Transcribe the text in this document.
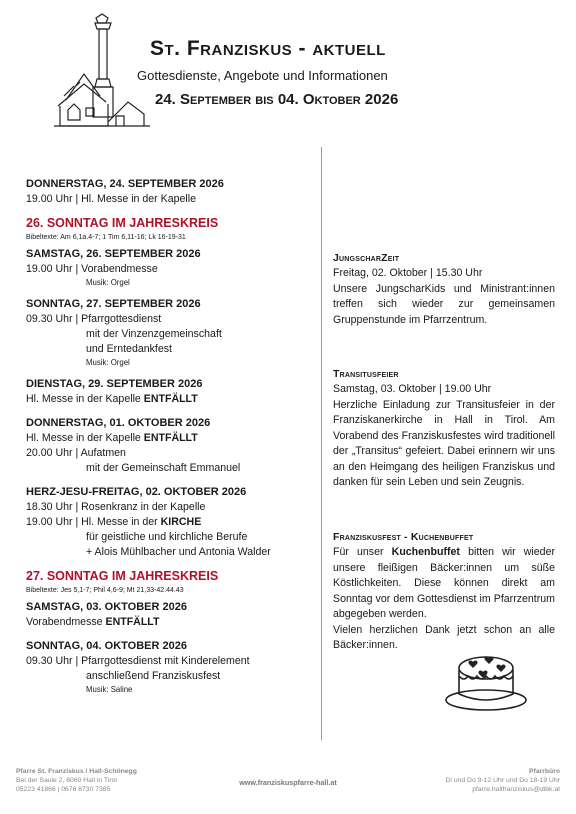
St. Franziskus - aktuell
Gottesdienste, Angebote und Informationen
24. September bis 04. Oktober 2026
DONNERSTAG, 24. SEPTEMBER 2026
19.00 Uhr | Hl. Messe in der Kapelle
26. SONNTAG IM JAHRESKREIS
Bibeltexte: Am 6,1a.4-7; 1 Tim 6,11-16; Lk 16-19-31
SAMSTAG, 26. SEPTEMBER 2026
19.00 Uhr | Vorabendmesse
Musik: Orgel
SONNTAG, 27. SEPTEMBER 2026
09.30 Uhr | Pfarrgottesdienst
mit der Vinzenzgemeinschaft
und Erntedankfest
Musik: Orgel
DIENSTAG, 29. SEPTEMBER 2026
Hl. Messe in der Kapelle ENTFÄLLT
DONNERSTAG, 01. OKTOBER 2026
Hl. Messe in der Kapelle ENTFÄLLT
20.00 Uhr | Aufatmen
mit der Gemeinschaft Emmanuel
HERZ-JESU-FREITAG, 02. OKTOBER 2026
18.30 Uhr | Rosenkranz in der Kapelle
19.00 Uhr | Hl. Messe in der KIRCHE
für geistliche und kirchliche Berufe
+ Alois Mühlbacher und Antonia Walder
27. SONNTAG IM JAHRESKREIS
Bibeltexte: Jes 5,1-7; Phil 4,6-9; Mt 21,33-42.44.43
SAMSTAG, 03. OKTOBER 2026
Vorabendmesse ENTFÄLLT
SONNTAG, 04. OKTOBER 2026
09.30 Uhr | Pfarrgottesdienst mit Kinderelement
anschließend Franziskusfest
Musik: Saline
JungscharZeit
Freitag, 02. Oktober | 15.30 Uhr
Unsere JungscharKids und Ministrant:innen treffen sich wieder zur gemeinsamen Gruppenstunde im Pfarrzentrum.
Transitusfeier
Samstag, 03. Oktober | 19.00 Uhr
Herzliche Einladung zur Transitusfeier in der Franziskanerkirche in Hall in Tirol. Am Vorabend des Franziskusfestes wird traditionell der „Transitus“ gefeiert. Dabei erinnern wir uns an den Heimgang des heiligen Franziskus und danken für sein Leben und sein Zeugnis.
Franziskusfest - Kuchenbuffet
Für unser Kuchenbuffet bitten wir wieder unsere fleißigen Bäcker:innen um süße Köstlichkeiten. Diese können direkt am Sonntag vor dem Gottesdienst im Pfarrzentrum abgegeben werden.
Vielen herzlichen Dank jetzt schon an alle Bäcker:innen.
Pfarre St. Franziskus / Hall-Schönegg
Bei der Saule 2, 6060 Hall in Tirol
05223 41866 | 0676 8730 7385
www.franziskuspfarre-hall.at
Pfarrbüro
Di und Do 9-12 Uhr und Do 18-19 Uhr
pfarre.hallfranziskus@dibk.at
